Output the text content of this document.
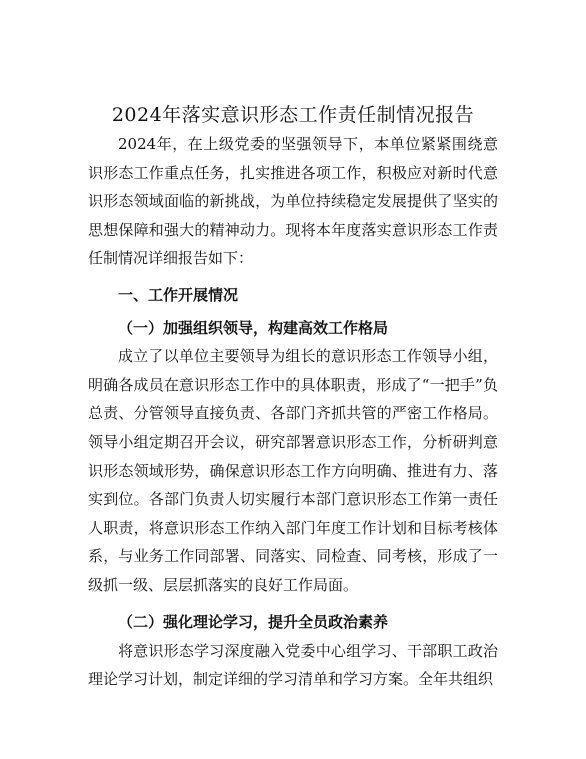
2024年落实意识形态工作责任制情况报告

2024年，在上级党委的坚强领导下，本单位紧紧围绕意识形态工作重点任务，扎实推进各项工作，积极应对新时代意识形态领域面临的新挑战，为单位持续稳定发展提供了坚实的思想保障和强大的精神动力。现将本年度落实意识形态工作责任制情况详细报告如下：

一、工作开展情况
（一）加强组织领导，构建高效工作格局

成立了以单位主要领导为组长的意识形态工作领导小组，明确各成员在意识形态工作中的具体职责，形成了“一把手”负总责、分管领导直接负责、各部门齐抓共管的严密工作格局。领导小组定期召开会议，研究部署意识形态工作，分析研判意识形态领域形势，确保意识形态工作方向明确、推进有力、落实到位。各部门负责人切实履行本部门意识形态工作第一责任人职责，将意识形态工作纳入部门年度工作计划和目标考核体系，与业务工作同部署、同落实、同检查、同考核，形成了一级抓一级、层层抓落实的良好工作局面。

（二）强化理论学习，提升全员政治素养

将意识形态学习深度融入党委中心组学习、干部职工政治理论学习计划，制定详细的学习清单和学习方案。全年共组织
